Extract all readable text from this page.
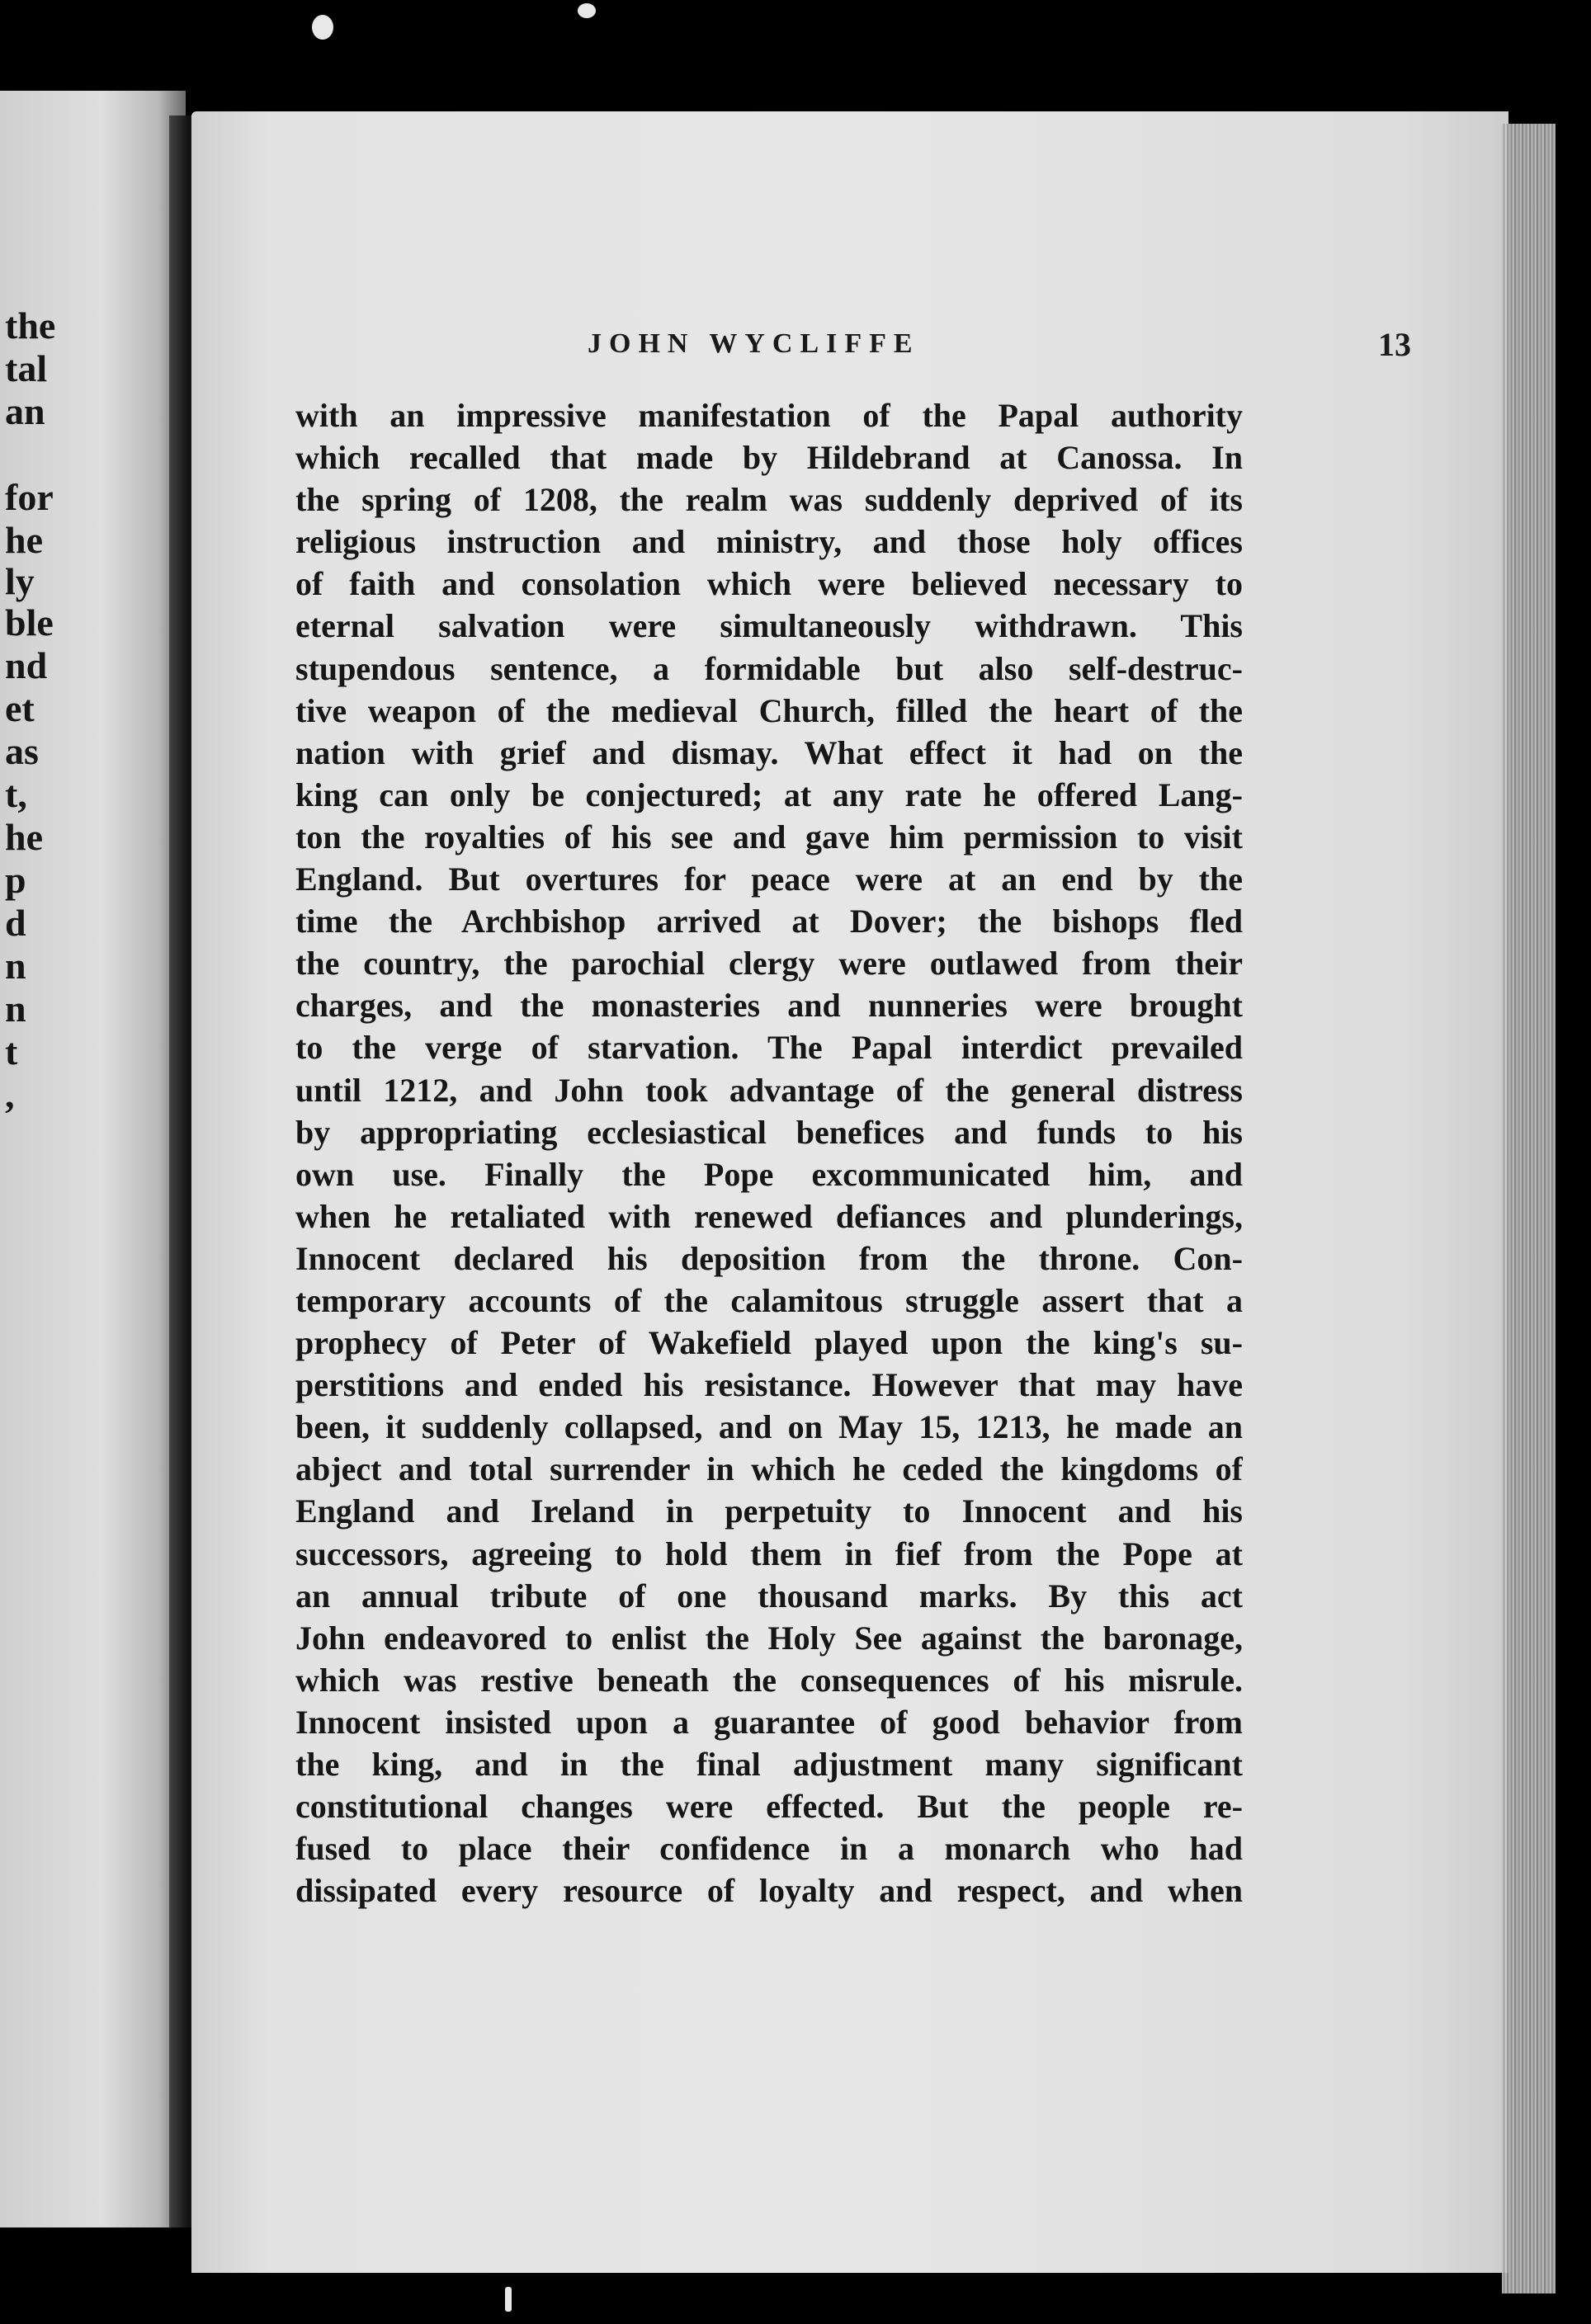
the
tal
an
for
he
ly
ble
nd
et
as
t,
he
p
d
n
n
t
,
JOHN WYCLIFFE	13
with an impressive manifestation of the Papal authority
which recalled that made by Hildebrand at Canossa. In
the spring of 1208, the realm was suddenly deprived of its
religious instruction and ministry, and those holy offices
of faith and consolation which were believed necessary to
eternal salvation were simultaneously withdrawn. This
stupendous sentence, a formidable but also self-destruc-
tive weapon of the medieval Church, filled the heart of the
nation with grief and dismay. What effect it had on the
king can only be conjectured; at any rate he offered Lang-
ton the royalties of his see and gave him permission to visit
England. But overtures for peace were at an end by the
time the Archbishop arrived at Dover; the bishops fled
the country, the parochial clergy were outlawed from their
charges, and the monasteries and nunneries were brought
to the verge of starvation. The Papal interdict prevailed
until 1212, and John took advantage of the general distress
by appropriating ecclesiastical benefices and funds to his
own use. Finally the Pope excommunicated him, and
when he retaliated with renewed defiances and plunderings,
Innocent declared his deposition from the throne. Con-
temporary accounts of the calamitous struggle assert that a
prophecy of Peter of Wakefield played upon the king's su-
perstitions and ended his resistance. However that may have
been, it suddenly collapsed, and on May 15, 1213, he made an
abject and total surrender in which he ceded the kingdoms of
England and Ireland in perpetuity to Innocent and his
successors, agreeing to hold them in fief from the Pope at
an annual tribute of one thousand marks. By this act
John endeavored to enlist the Holy See against the baronage,
which was restive beneath the consequences of his misrule.
Innocent insisted upon a guarantee of good behavior from
the king, and in the final adjustment many significant
constitutional changes were effected. But the people re-
fused to place their confidence in a monarch who had
dissipated every resource of loyalty and respect, and when
